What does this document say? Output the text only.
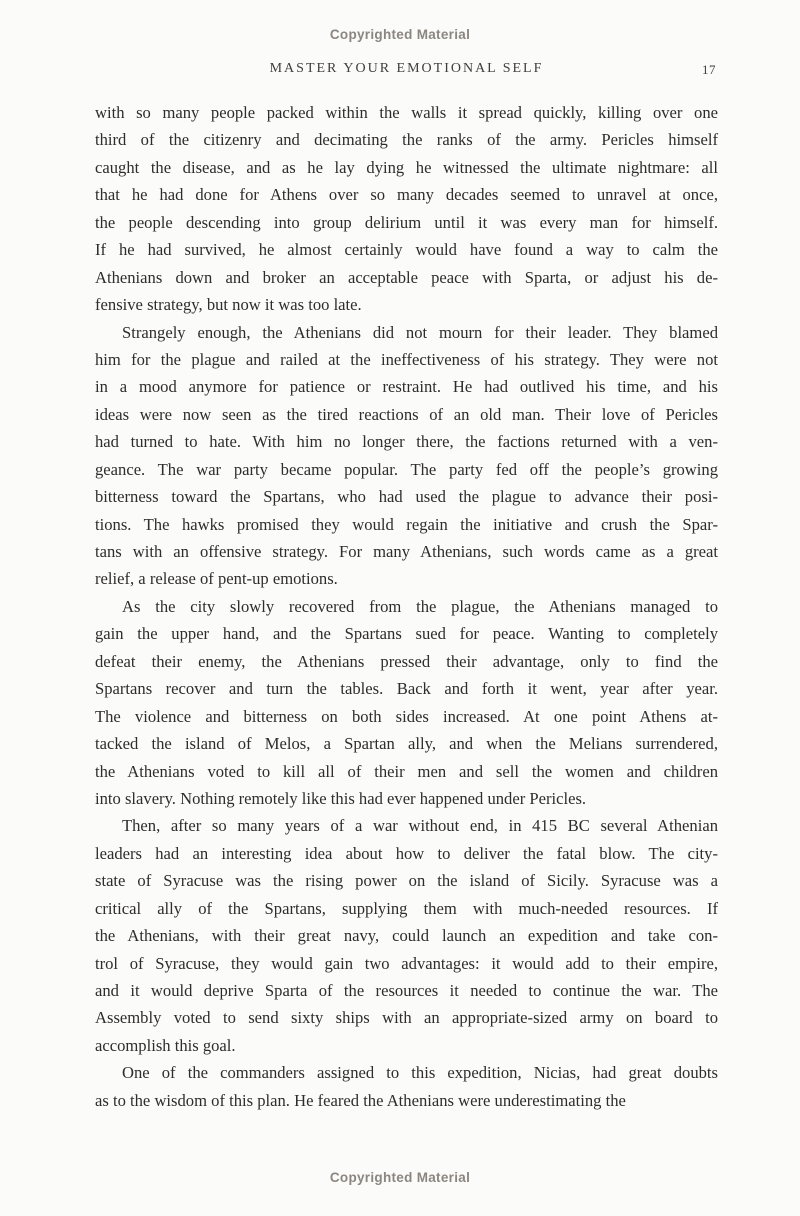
Copyrighted Material
MASTER YOUR EMOTIONAL SELF	17
with so many people packed within the walls it spread quickly, killing over one
third of the citizenry and decimating the ranks of the army. Pericles himself
caught the disease, and as he lay dying he witnessed the ultimate nightmare: all
that he had done for Athens over so many decades seemed to unravel at once,
the people descending into group delirium until it was every man for himself.
If he had survived, he almost certainly would have found a way to calm the
Athenians down and broker an acceptable peace with Sparta, or adjust his de-
fensive strategy, but now it was too late.
Strangely enough, the Athenians did not mourn for their leader. They blamed
him for the plague and railed at the ineffectiveness of his strategy. They were not
in a mood anymore for patience or restraint. He had outlived his time, and his
ideas were now seen as the tired reactions of an old man. Their love of Pericles
had turned to hate. With him no longer there, the factions returned with a ven-
geance. The war party became popular. The party fed off the people’s growing
bitterness toward the Spartans, who had used the plague to advance their posi-
tions. The hawks promised they would regain the initiative and crush the Spar-
tans with an offensive strategy. For many Athenians, such words came as a great
relief, a release of pent-up emotions.
As the city slowly recovered from the plague, the Athenians managed to
gain the upper hand, and the Spartans sued for peace. Wanting to completely
defeat their enemy, the Athenians pressed their advantage, only to find the
Spartans recover and turn the tables. Back and forth it went, year after year.
The violence and bitterness on both sides increased. At one point Athens at-
tacked the island of Melos, a Spartan ally, and when the Melians surrendered,
the Athenians voted to kill all of their men and sell the women and children
into slavery. Nothing remotely like this had ever happened under Pericles.
Then, after so many years of a war without end, in 415 BC several Athenian
leaders had an interesting idea about how to deliver the fatal blow. The city-
state of Syracuse was the rising power on the island of Sicily. Syracuse was a
critical ally of the Spartans, supplying them with much-needed resources. If
the Athenians, with their great navy, could launch an expedition and take con-
trol of Syracuse, they would gain two advantages: it would add to their empire,
and it would deprive Sparta of the resources it needed to continue the war. The
Assembly voted to send sixty ships with an appropriate-sized army on board to
accomplish this goal.
One of the commanders assigned to this expedition, Nicias, had great doubts
as to the wisdom of this plan. He feared the Athenians were underestimating the
Copyrighted Material
